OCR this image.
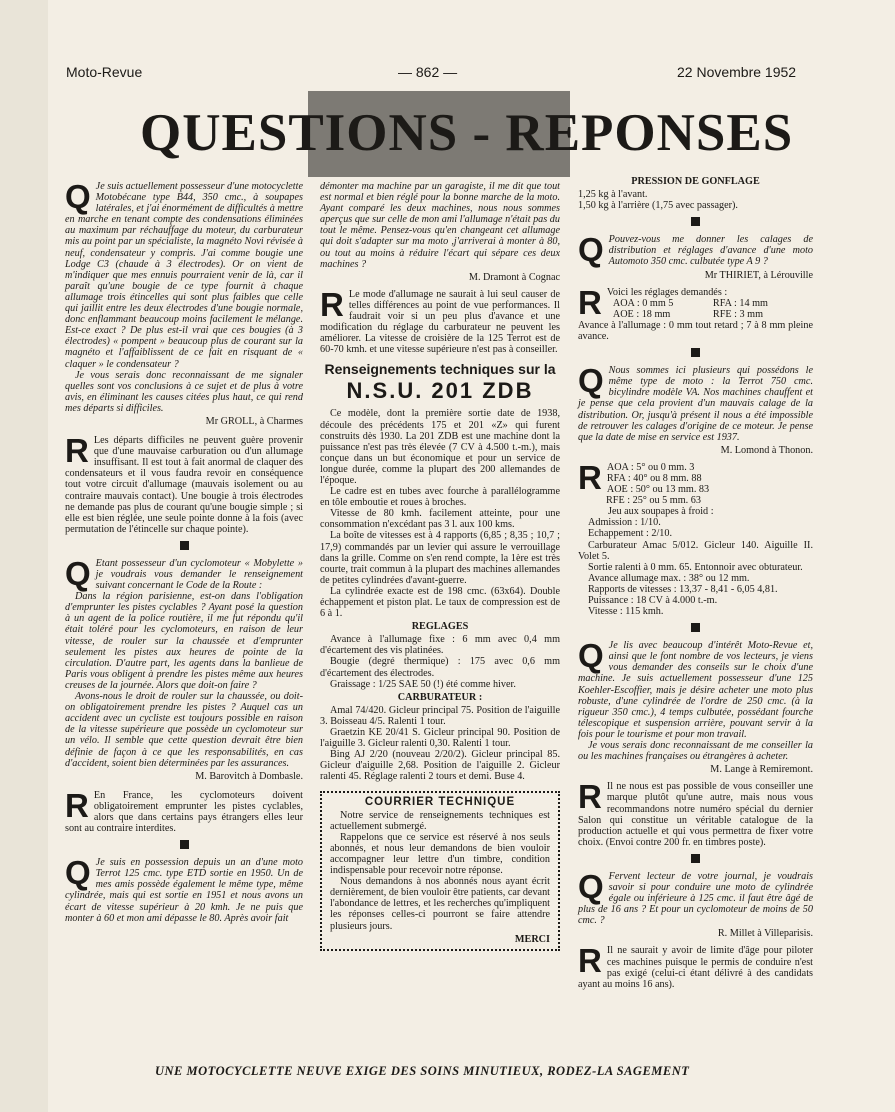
Moto-Revue	— 862 —	22 Novembre 1952
QUESTIONS - REPONSES
Q Je suis actuellement possesseur d'une motocyclette Motobécane type B44, 350 cmc., à soupapes latérales, et j'ai énormément de difficultés à mettre en marche en tenant compte des condensations éliminées au maximum par réchauffage du moteur, du carburateur mis au point par un spécialiste, la magnéto Novi révisée à neuf, condensateur y compris. J'ai comme bougie une Lodge C3 (chaude à 3 électrodes). Or on vient de m'indiquer que mes ennuis pourraient venir de là, car il paraît qu'une bougie de ce type fournit à chaque allumage trois étincelles qui sont plus faibles que celle qui jaillit entre les deux électrodes d'une bougie normale, donc enflammant beaucoup moins facilement le mélange. Est-ce exact ? De plus est-il vrai que ces bougies (à 3 électrodes) « pompent » beaucoup plus de courant sur la magnéto et l'affaiblissent de ce fait en risquant de « claquer » le condensateur ?

Je vous serais donc reconnaissant de me signaler quelles sont vos conclusions à ce sujet et de plus à votre avis, en éliminant les causes citées plus haut, ce qui rend mes départs si difficiles.

Mr GROLL, à Charmes

R Les départs difficiles ne peuvent guère provenir que d'une mauvaise carburation ou d'un allumage insuffisant. Il est tout à fait anormal de claquer des condensateurs et il vous faudra revoir en conséquence tout votre circuit d'allumage (mauvais isolement ou au contraire mauvais contact). Une bougie à trois électrodes ne demande pas plus de courant qu'une bougie simple ; si elle est bien réglée, une seule pointe donne à la fois (avec permutation de l'étincelle sur chaque pointe).

Q Etant possesseur d'un cyclomoteur « Mobylette » je voudrais vous demander le renseignement suivant concernant le Code de la Route :

Dans la région parisienne, est-on dans l'obligation d'emprunter les pistes cyclables ? Ayant posé la question à un agent de la police routière, il me fut répondu qu'il était toléré pour les cyclomoteurs, en raison de leur vitesse, de rouler sur la chaussée et d'emprunter seulement les pistes aux heures de pointe de la circulation. D'autre part, les agents dans la banlieue de Paris vous obligent à prendre les pistes même aux heures creuses de la journée. Alors que doit-on faire ?

Avons-nous le droit de rouler sur la chaussée, ou doit-on obligatoirement prendre les pistes ? Auquel cas un accident avec un cycliste est toujours possible en raison de la vitesse supérieure que possède un cyclomoteur sur un vélo. Il semble que cette question devrait être bien définie de façon à ce que les responsabilités, en cas d'accident, soient bien déterminées par les assurances.

M. Barovitch à Dombasle.

R En France, les cyclomoteurs doivent obligatoirement emprunter les pistes cyclables, alors que dans certains pays étrangers elles leur sont au contraire interdites.

Q Je suis en possession depuis un an d'une moto Terrot 125 cmc. type ETD sortie en 1950. Un de mes amis possède également le même type, même cylindrée, mais qui est sortie en 1951 et nous avons un écart de vitesse supérieur à 20 kmh. Je ne puis que monter à 60 et mon ami dépasse le 80. Après avoir fait

démonter ma machine par un garagiste, il me dit que tout est normal et bien réglé pour la bonne marche de la moto. Ayant comparé les deux machines, nous nous sommes aperçus que sur celle de mon ami l'allumage n'était pas du tout le même. Pensez-vous qu'en changeant cet allumage qui doit s'adapter sur ma moto ,j'arriverai à monter à 80, ou tout au moins à réduire l'écart qui sépare ces deux machines ?

M. Dramont à Cognac

R Le mode d'allumage ne saurait à lui seul causer de telles différences au point de vue performances. Il faudrait voir si un peu plus d'avance et une modification du réglage du carburateur ne peuvent les améliorer. La vitesse de croisière de la 125 Terrot est de 60-70 kmh. et une vitesse supérieure n'est pas à conseiller.

Renseignements techniques sur la
N.S.U. 201 ZDB

Ce modèle, dont la première sortie date de 1938, découle des précédents 175 et 201 «Z» qui furent construits dès 1930. La 201 ZDB est une machine dont la puissance n'est pas très élevée (7 CV à 4.500 t.-m.), mais conçue dans un but économique et pour un service de longue durée, comme la plupart des 200 allemandes de l'époque.

Le cadre est en tubes avec fourche à parallélogramme en tôle emboutie et roues à broches.

Vitesse de 80 kmh. facilement atteinte, pour une consommation n'excédant pas 3 l. aux 100 kms.

La boîte de vitesses est à 4 rapports (6,85 ; 8,35 ; 10,7 ; 17,9) commandés par un levier qui assure le verrouillage dans la grille. Comme on s'en rend compte, la 1ère est très courte, trait commun à la plupart des machines allemandes de petites cylindrées d'avant-guerre.

La cylindrée exacte est de 198 cmc. (63x64). Double échappement et piston plat. Le taux de compression est de 6 à 1.

REGLAGES

Avance à l'allumage fixe : 6 mm avec 0,4 mm d'écartement des vis platinées.

Bougie (degré thermique) : 175 avec 0,6 mm d'écartement des électrodes.

Graissage : 1/25 SAE 50 (!) été comme hiver.

CARBURATEUR :

Amal 74/420. Gicleur principal 75. Position de l'aiguille 3. Boisseau 4/5. Ralenti 1 tour.

Graetzin KE 20/41 S. Gicleur principal 90. Position de l'aiguille 3. Gicleur ralenti 0,30. Ralenti 1 tour.

Bing AJ 2/20 (nouveau 2/20/2). Gicleur principal 85. Gicleur d'aiguille 2,68. Position de l'aiguille 2. Gicleur ralenti 45. Réglage ralenti 2 tours et demi. Buse 4.

COURRIER TECHNIQUE

Notre service de renseignements techniques est actuellement submergé.

Rappelons que ce service est réservé à nos seuls abonnés, et nous leur demandons de bien vouloir accompagner leur lettre d'un timbre, condition indispensable pour recevoir notre réponse.

Nous demandons à nos abonnés nous ayant écrit dernièrement, de bien vouloir être patients, car devant l'abondance de lettres, et les recherches qu'impliquent les réponses celles-ci pourront se faire attendre plusieurs jours.

MERCI

PRESSION DE GONFLAGE

1,25 kg à l'avant.

1,50 kg à l'arrière (1,75 avec passager).

Q Pouvez-vous me donner les calages de distribution et réglages d'avance d'une moto Automoto 350 cmc. culbutée type A 9 ?

Mr THIRIET, à Lérouville

R Voici les réglages demandés :

AOA : 0 mm 5	RFA : 14 mm
AOE : 18 mm	RFE : 3 mm

Avance à l'allumage : 0 mm tout retard ; 7 à 8 mm pleine avance.

Q Nous sommes ici plusieurs qui possédons le même type de moto : la Terrot 750 cmc. bicylindre modèle VA. Nos machines chauffent et je pense que cela provient d'un mauvais calage de la distribution. Or, jusqu'à présent il nous a été impossible de retrouver les calages d'origine de ce moteur. Je pense que la date de mise en service est 1937.

M. Lomond à Thonon.

R AOA : 5° ou 0 mm. 3

RFA : 40° ou 8 mm. 88

AOE : 50° ou 13 mm. 83

RFE : 25° ou 5 mm. 63

Jeu aux soupapes à froid :

Admission : 1/10.

Echappement : 2/10.

Carburateur Amac 5/012. Gicleur 140. Aiguille II. Volet 5.

Sortie ralenti à 0 mm. 65. Entonnoir avec obturateur.

Avance allumage max. : 38° ou 12 mm.

Rapports de vitesses : 13,37 - 8,41 - 6,05 4,81.

Puissance : 18 CV à 4.000 t.-m.

Vitesse : 115 kmh.

Q Je lis avec beaucoup d'intérêt Moto-Revue et, ainsi que le font nombre de vos lecteurs, je viens vous demander des conseils sur le choix d'une machine. Je suis actuellement possesseur d'une 125 Koehler-Escoffier, mais je désire acheter une moto plus robuste, d'une cylindrée de l'ordre de 250 cmc. (à la rigueur 350 cmc.), 4 temps culbutée, possédant fourche télescopique et suspension arrière, pouvant servir à la fois pour le tourisme et pour mon travail.

Je vous serais donc reconnaissant de me conseiller la ou les machines françaises ou étrangères à acheter.

M. Lange à Remiremont.

R Il ne nous est pas possible de vous conseiller une marque plutôt qu'une autre, mais nous vous recommandons notre numéro spécial du dernier Salon qui constitue un véritable catalogue de la production actuelle et qui vous permettra de fixer votre choix. (Envoi contre 200 fr. en timbres poste).

Q Fervent lecteur de votre journal, je voudrais savoir si pour conduire une moto de cylindrée égale ou inférieure à 125 cmc. il faut être âgé de plus de 16 ans ? Et pour un cyclomoteur de moins de 50 cmc. ?

R. Millet à Villeparisis.

R Il ne saurait y avoir de limite d'âge pour piloter ces machines puisque le permis de conduire n'est pas exigé (celui-ci étant délivré à des candidats ayant au moins 16 ans).

UNE MOTOCYCLETTE NEUVE EXIGE DES SOINS MINUTIEUX, RODEZ-LA SAGEMENT
